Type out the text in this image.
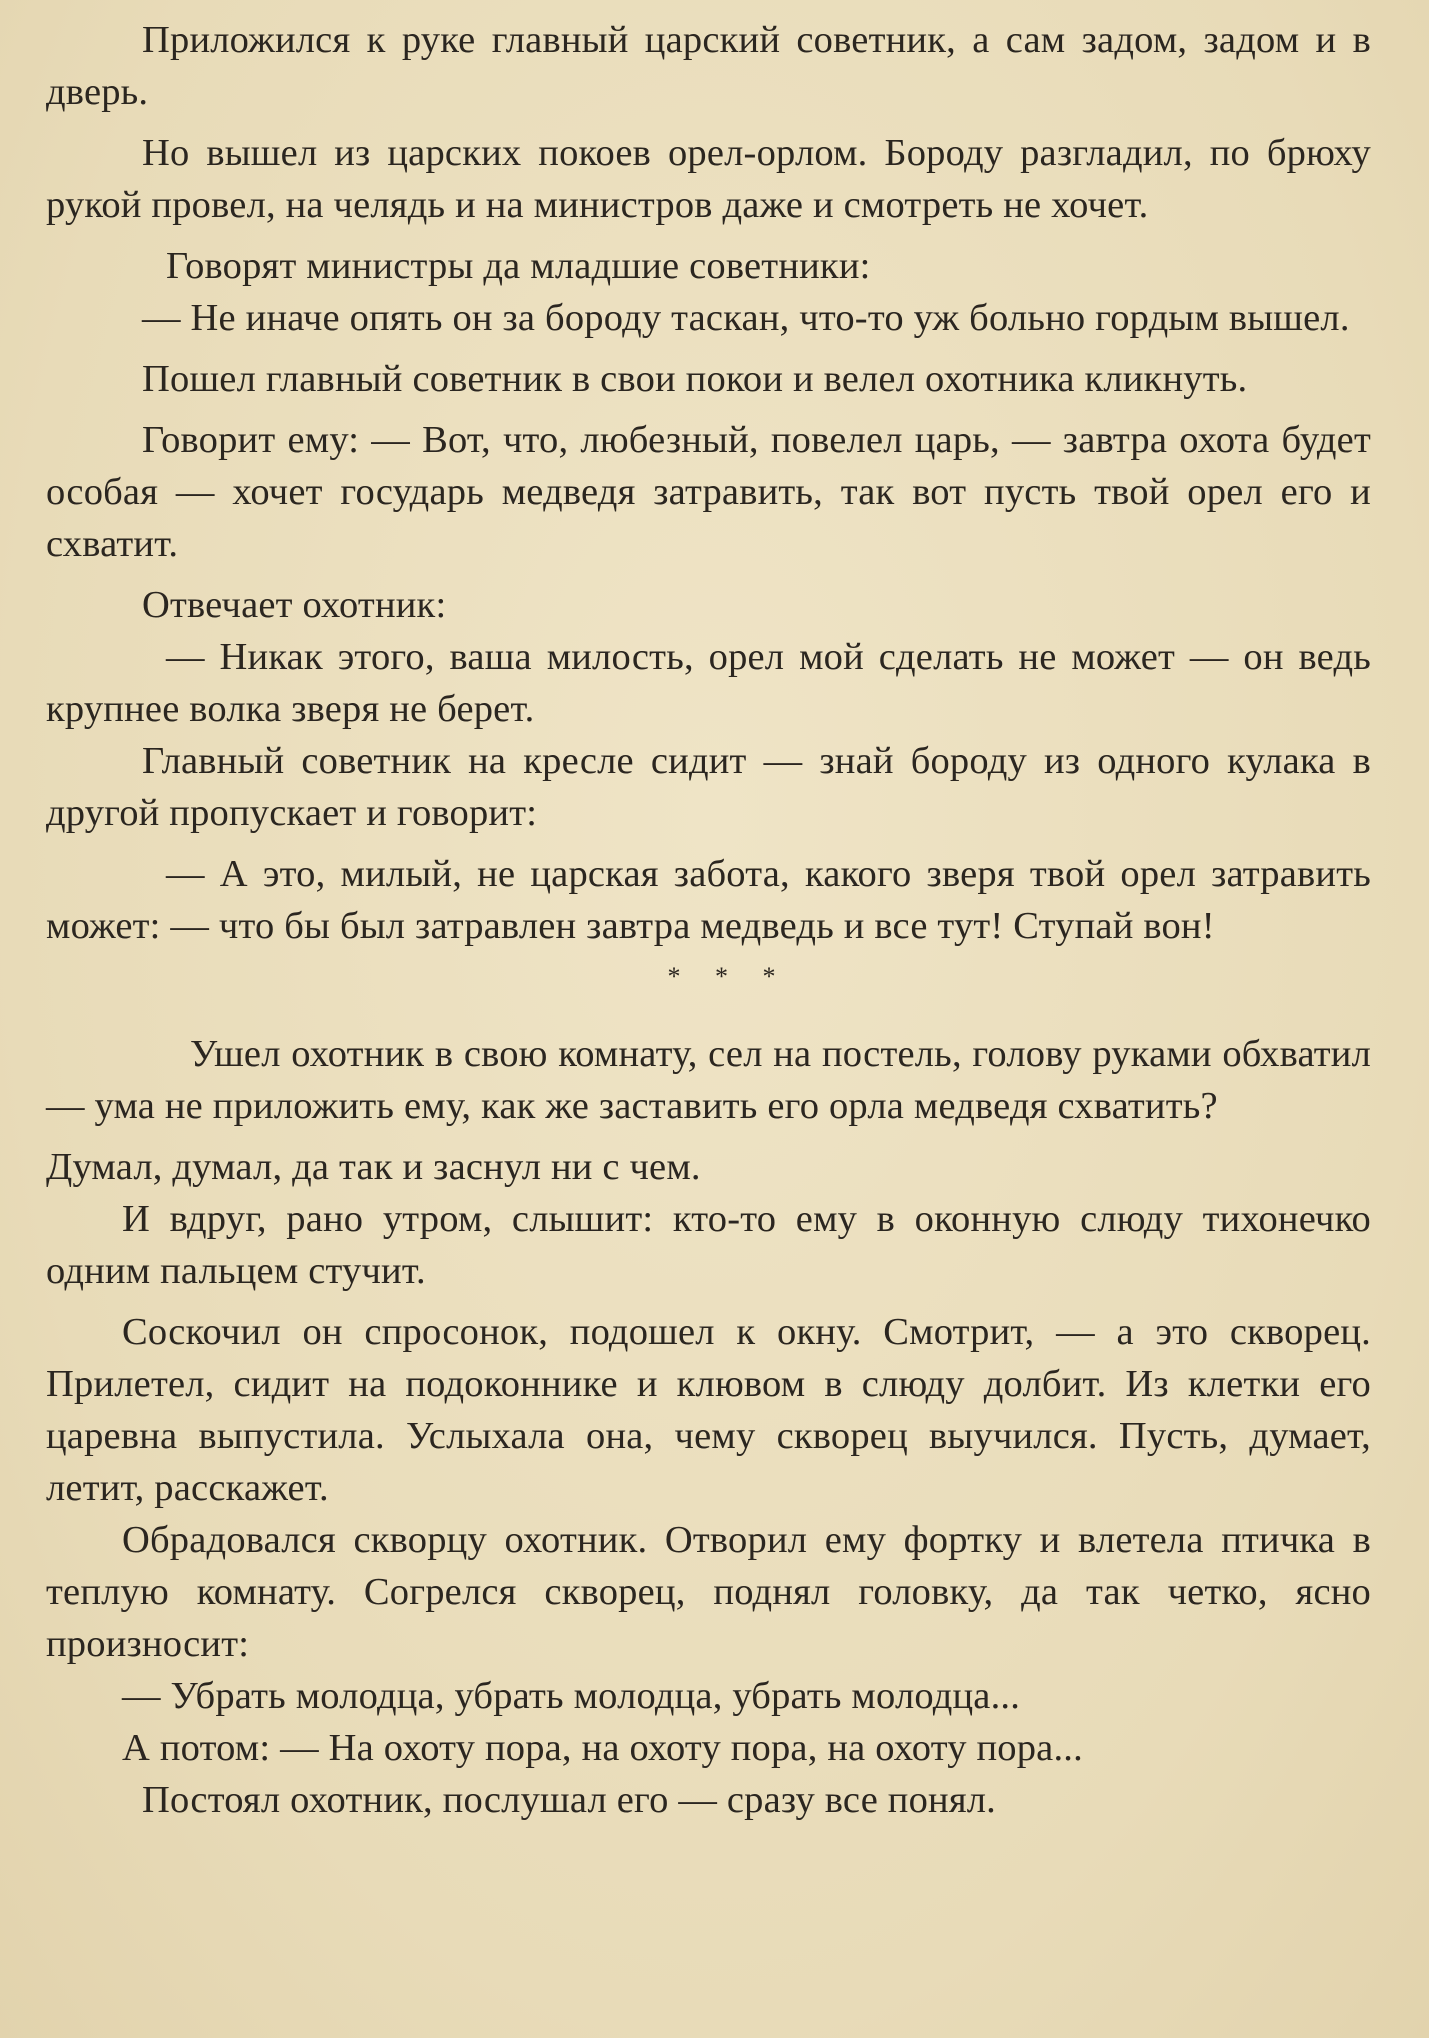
Приложился к руке главный царский советник, а сам задом, задом и в дверь.

Но вышел из царских покоев орел-орлом. Бороду разгладил, по брюху рукой провел, на челядь и на министров даже и смотреть не хочет.

Говорят министры да младшие советники:

— Не иначе опять он за бороду таскан, что-то уж больно гордым вышел.

Пошел главный советник в свои покои и велел охотника кликнуть.

Говорит ему: — Вот, что, любезный, повелел царь, — завтра охота будет особая — хочет государь медведя затравить, так вот пусть твой орел его и схватит.

Отвечает охотник:

— Никак этого, ваша милость, орел мой сделать не может — он ведь крупнее волка зверя не берет.

Главный советник на кресле сидит — знай бороду из одного кулака в другой пропускает и говорит:

— А это, милый, не царская забота, какого зверя твой орел затравить может: — что бы был затравлен завтра медведь и все тут! Ступай вон!

* * *

Ушел охотник в свою комнату, сел на постель, голову руками обхватил — ума не приложить ему, как же заставить его орла медведя схватить?

Думал, думал, да так и заснул ни с чем.

И вдруг, рано утром, слышит: кто-то ему в оконную слюду тихонечко одним пальцем стучит.

Соскочил он спросонок, подошел к окну. Смотрит, — а это скворец. Прилетел, сидит на подоконнике и клювом в слюду долбит. Из клетки его царевна выпустила. Услыхала она, чему скворец выучился. Пусть, думает, летит, расскажет.

Обрадовался скворцу охотник. Отворил ему фортку и влетела птичка в теплую комнату. Согрелся скворец, поднял головку, да так четко, ясно произносит:

— Убрать молодца, убрать молодца, убрать молодца...

А потом: — На охоту пора, на охоту пора, на охоту пора...

Постоял охотник, послушал его — сразу все понял.
